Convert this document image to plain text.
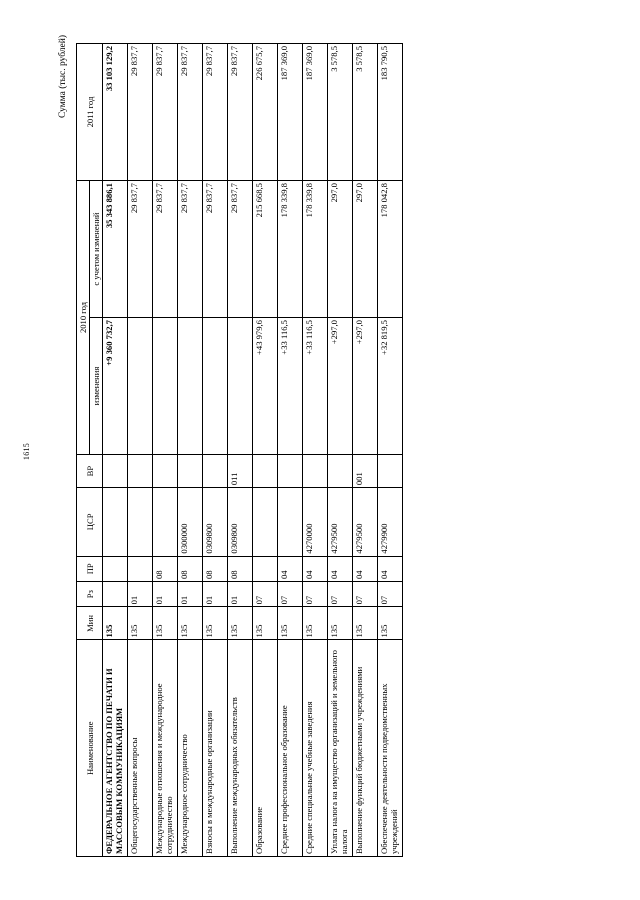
1615
Сумма (тыс. рублей)
Наименование	Мин	Рз	ПР	ЦСР	ВР	2010 год		2011 год
						изменения	с учетом изменений	

ФЕДЕРАЛЬНОЕ АГЕНТСТВО ПО ПЕЧАТИ И МАССОВЫМ КОММУНИКАЦИЯМ	135					+9 360 732,7	35 343 886,1	33 103 129,2
Общегосударственные вопросы	135	01					29 837,7	29 837,7
Международные отношения и международное сотрудничество	135	01	08				29 837,7	29 837,7
Международное сотрудничество	135	01	08	0300000			29 837,7	29 837,7
Взносы в международные организации	135	01	08	0309800			29 837,7	29 837,7
Выполнение международных обязательств	135	01	08	0309800	011		29 837,7	29 837,7
Образование	135	07				+43 979,6	215 668,5	226 675,7
Среднее профессиональное образование	135	07	04			+33 116,5	178 339,8	187 369,0
Средние специальные учебные заведения	135	07	04	4270000		+33 116,5	178 339,8	187 369,0
Уплата налога на имущество организаций и земельного налога	135	07	04	4279500		+297,0	297,0	3 578,5
Выполнение функций бюджетными учреждениями	135	07	04	4279500	001	+297,0	297,0	3 578,5
Обеспечение деятельности подведомственных учреждений	135	07	04	4279900		+32 819,5	178 042,8	183 790,5
